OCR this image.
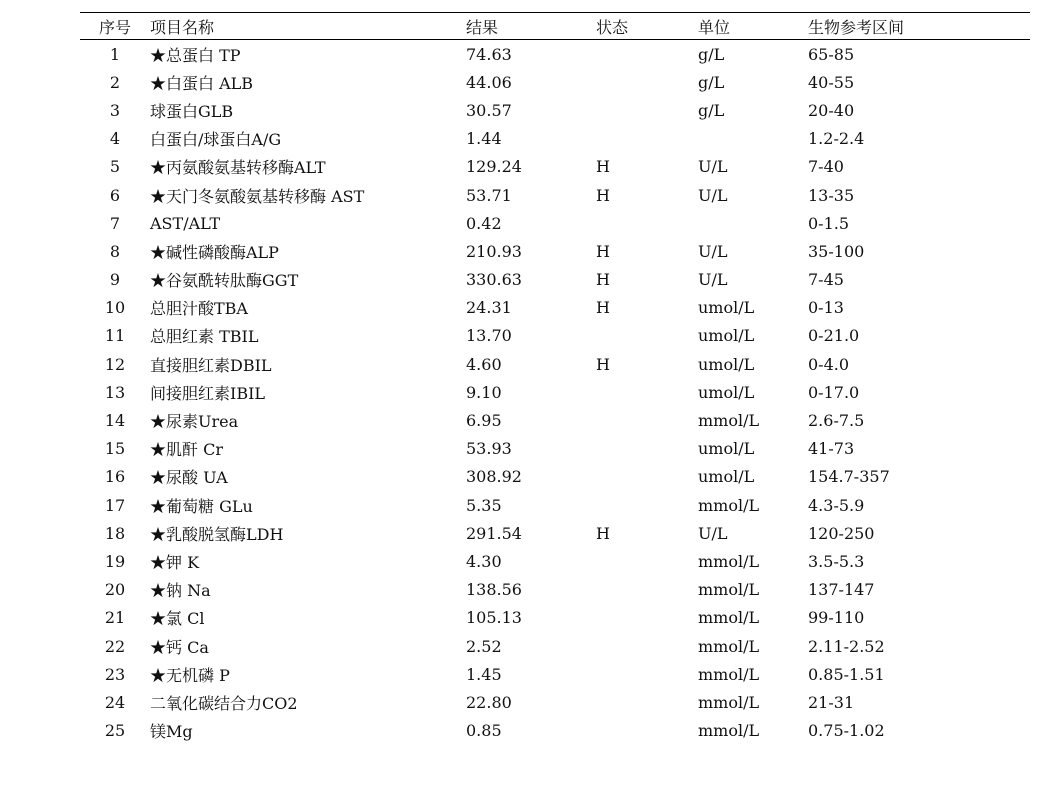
序号	项目名称	结果	状态	单位	生物参考区间
1	★总蛋白 TP	74.63		g/L	65-85
2	★白蛋白 ALB	44.06		g/L	40-55
3	球蛋白GLB	30.57		g/L	20-40
4	白蛋白/球蛋白A/G	1.44			1.2-2.4
5	★丙氨酸氨基转移酶ALT	129.24	H	U/L	7-40
6	★天门冬氨酸氨基转移酶 AST	53.71	H	U/L	13-35
7	AST/ALT	0.42			0-1.5
8	★碱性磷酸酶ALP	210.93	H	U/L	35-100
9	★谷氨酰转肽酶GGT	330.63	H	U/L	7-45
10	总胆汁酸TBA	24.31	H	umol/L	0-13
11	总胆红素 TBIL	13.70		umol/L	0-21.0
12	直接胆红素DBIL	4.60	H	umol/L	0-4.0
13	间接胆红素IBIL	9.10		umol/L	0-17.0
14	★尿素Urea	6.95		mmol/L	2.6-7.5
15	★肌酐 Cr	53.93		umol/L	41-73
16	★尿酸 UA	308.92		umol/L	154.7-357
17	★葡萄糖 GLu	5.35		mmol/L	4.3-5.9
18	★乳酸脱氢酶LDH	291.54	H	U/L	120-250
19	★钾 K	4.30		mmol/L	3.5-5.3
20	★钠 Na	138.56		mmol/L	137-147
21	★氯 Cl	105.13		mmol/L	99-110
22	★钙 Ca	2.52		mmol/L	2.11-2.52
23	★无机磷 P	1.45		mmol/L	0.85-1.51
24	二氧化碳结合力CO2	22.80		mmol/L	21-31
25	镁Mg	0.85		mmol/L	0.75-1.02
